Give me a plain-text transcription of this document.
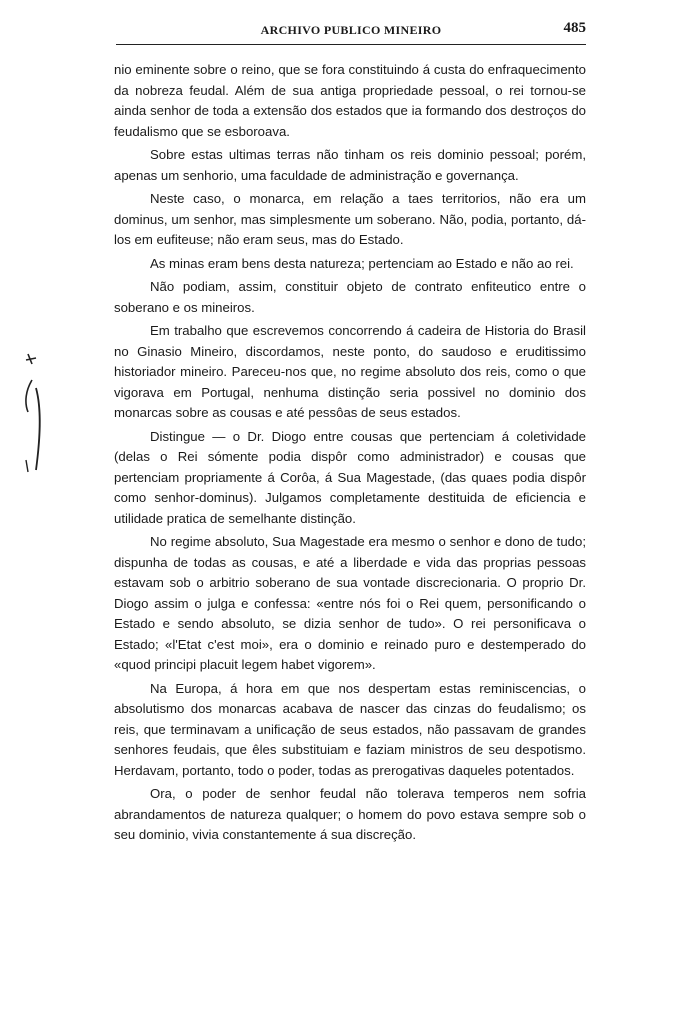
ARCHIVO PUBLICO MINEIRO	485

nio eminente sobre o reino, que se fora constituindo á custa do enfraquecimento da nobreza feudal. Além de sua antiga propriedade pessoal, o rei tornou-se ainda senhor de toda a extensão dos estados que ia formando dos destroços do feudalismo que se esboroava.

Sobre estas ultimas terras não tinham os reis dominio pessoal; porém, apenas um senhorio, uma faculdade de administração e governança.

Neste caso, o monarca, em relação a taes territorios, não era um dominus, um senhor, mas simplesmente um soberano. Não, podia, portanto, dá-los em eufiteuse; não eram seus, mas do Estado.

As minas eram bens desta natureza; pertenciam ao Estado e não ao rei.

Não podiam, assim, constituir objeto de contrato enfiteutico entre o soberano e os mineiros.

Em trabalho que escrevemos concorrendo á cadeira de Historia do Brasil no Ginasio Mineiro, discordamos, neste ponto, do saudoso e eruditissimo historiador mineiro. Pareceu-nos que, no regime absoluto dos reis, como o que vigorava em Portugal, nenhuma distinção seria possivel no dominio dos monarcas sobre as cousas e até pessôas de seus estados.

Distingue — o Dr. Diogo entre cousas que pertenciam á coletividade (delas o Rei sómente podia dispôr como administrador) e cousas que pertenciam propriamente á Corôa, á Sua Magestade, (das quaes podia dispôr como senhor-dominus). Julgamos completamente destituida de eficiencia e utilidade pratica de semelhante distinção.

No regime absoluto, Sua Magestade era mesmo o senhor e dono de tudo; dispunha de todas as cousas, e até a liberdade e vida das proprias pessoas estavam sob o arbitrio soberano de sua vontade discrecionaria. O proprio Dr. Diogo assim o julga e confessa: «entre nós foi o Rei quem, personificando o Estado e sendo absoluto, se dizia senhor de tudo». O rei personificava o Estado; «l'Etat c'est moi», era o dominio e reinado puro e destemperado do «quod principi placuit legem habet vigorem».

Na Europa, á hora em que nos despertam estas reminiscencias, o absolutismo dos monarcas acabava de nascer das cinzas do feudalismo; os reis, que terminavam a unificação de seus estados, não passavam de grandes senhores feudais, que êles substituiam e faziam ministros de seu despotismo. Herdavam, portanto, todo o poder, todas as prerogativas daqueles potentados.

Ora, o poder de senhor feudal não tolerava temperos nem sofria abrandamentos de natureza qualquer; o homem do povo estava sempre sob o seu dominio, vivia constantemente á sua discreção.
